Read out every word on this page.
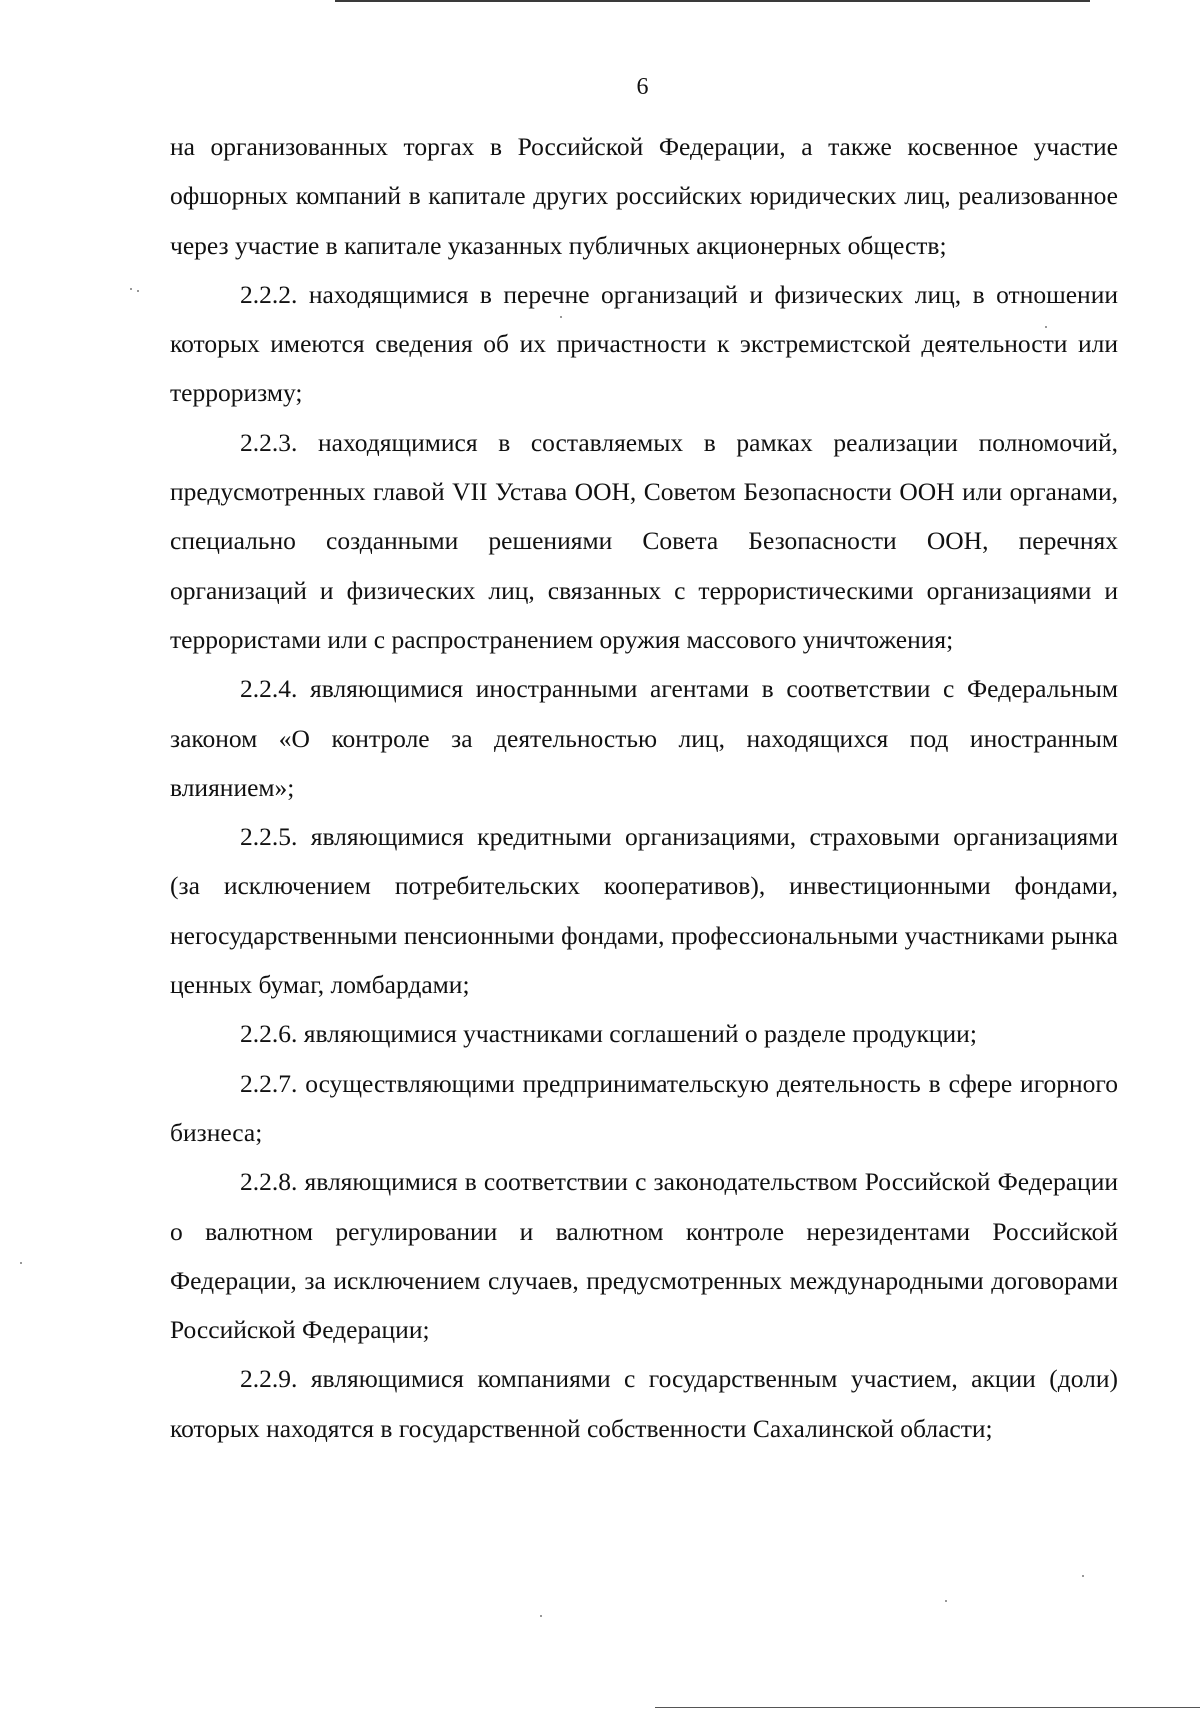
6

на организованных торгах в Российской Федерации, а также косвенное участие офшорных компаний в капитале других российских юридических лиц, реализованное через участие в капитале указанных публичных акционерных обществ;

2.2.2. находящимися в перечне организаций и физических лиц, в отношении которых имеются сведения об их причастности к экстремистской деятельности или терроризму;

2.2.3. находящимися в составляемых в рамках реализации полномочий, предусмотренных главой VII Устава ООН, Советом Безопасности ООН или органами, специально созданными решениями Совета Безопасности ООН, перечнях организаций и физических лиц, связанных с террористическими организациями и террористами или с распространением оружия массового уничтожения;

2.2.4. являющимися иностранными агентами в соответствии с Федеральным законом «О контроле за деятельностью лиц, находящихся под иностранным влиянием»;

2.2.5. являющимися кредитными организациями, страховыми организациями (за исключением потребительских кооперативов), инвестиционными фондами, негосударственными пенсионными фондами, профессиональными участниками рынка ценных бумаг, ломбардами;

2.2.6. являющимися участниками соглашений о разделе продукции;

2.2.7. осуществляющими предпринимательскую деятельность в сфере игорного бизнеса;

2.2.8. являющимися в соответствии с законодательством Российской Федерации о валютном регулировании и валютном контроле нерезидентами Российской Федерации, за исключением случаев, предусмотренных международными договорами Российской Федерации;

2.2.9. являющимися компаниями с государственным участием, акции (доли) которых находятся в государственной собственности Сахалинской области;
